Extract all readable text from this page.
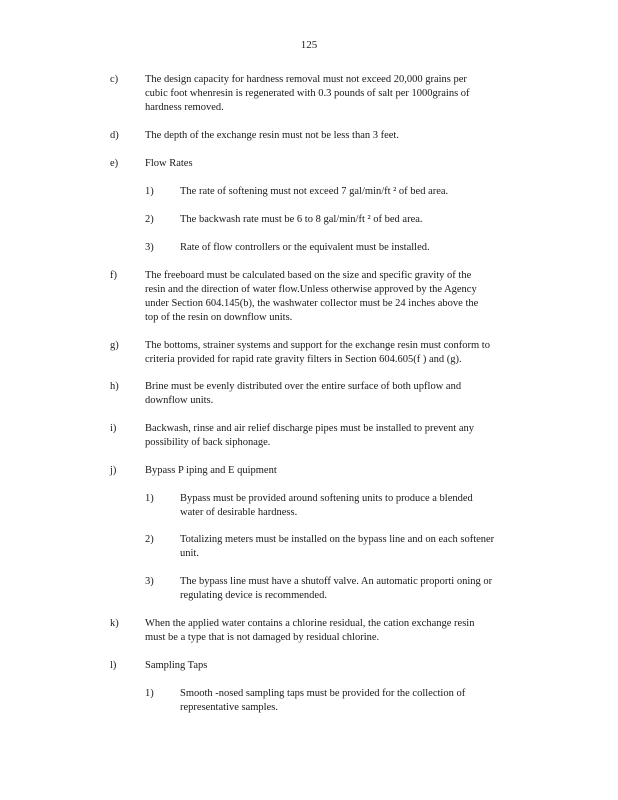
125
c)	The design capacity for hardness removal must not exceed 20,000 grains per
cubic foot whenresin is regenerated with 0.3 pounds of salt per 1000grains of
hardness removed.
d)	The depth of the exchange resin must not be less than 3 feet.
e)	Flow Rates
1)	The rate of softening must not exceed 7 gal/min/ft ² of bed area.
2)	The backwash rate must be 6 to 8 gal/min/ft ² of bed area.
3)	Rate of flow controllers or the equivalent must be installed.
f)	The freeboard must be calculated based on the size and specific gravity of the
resin and the direction of water flow.Unless otherwise approved by the Agency
under Section 604.145(b), the washwater collector must be 24 inches above the
top of the resin on downflow units.
g)	The bottoms, strainer systems and support for the exchange resin must conform to
criteria provided for rapid rate gravity filters in Section 604.605(f ) and (g).
h)	Brine must be evenly distributed over the entire surface of both upflow and
downflow units.
i)	Backwash, rinse and air relief discharge pipes must be installed to prevent any
possibility of back siphonage.
j)	Bypass P iping and E quipment
1)	Bypass must be provided around softening units to produce a blended
water of desirable hardness.
2)	Totalizing meters must be installed on the bypass line and on each softener
unit.
3)	The bypass line must have a shutoff valve. An automatic proporti oning or
regulating device is recommended.
k)	When the applied water contains a chlorine residual, the cation exchange resin
must be a type that is not damaged by residual chlorine.
l)	Sampling Taps
1)	Smooth -nosed sampling taps must be provided for the collection of
representative samples.
